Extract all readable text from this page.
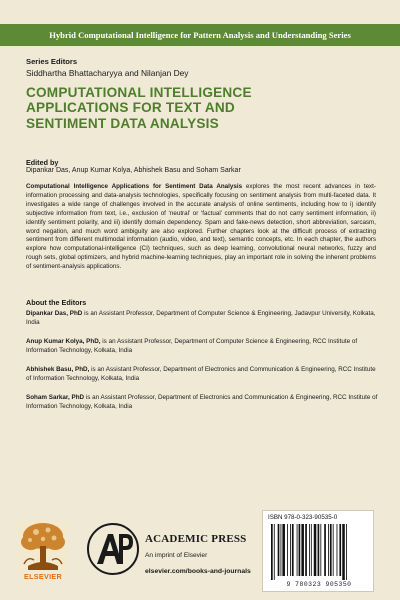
Hybrid Computational Intelligence for Pattern Analysis and Understanding Series
Series Editors
Siddhartha Bhattacharyya and Nilanjan Dey
COMPUTATIONAL INTELLIGENCE
APPLICATIONS FOR TEXT AND
SENTIMENT DATA ANALYSIS
Edited by
Dipankar Das, Anup Kumar Kolya, Abhishek Basu and Soham Sarkar

Computational Intelligence Applications for Sentiment Data Analysis explores the most recent advances in text-information processing and data-analysis technologies, specifically focusing on sentiment analysis from multi-faceted data. It investigates a wide range of challenges involved in the accurate analysis of online sentiments, including how to i) identify subjective information from text, i.e., exclusion of ‘neutral’ or ‘factual’ comments that do not carry sentiment information, ii) identify sentiment polarity, and iii) identify domain dependency. Spam and fake-news detection, short abbreviation, sarcasm, word negation, and much word ambiguity are also explored. Further chapters look at the difficult process of extracting sentiment from different multimodal information (audio, video, and text), semantic concepts, etc. In each chapter, the authors explore how computational-intelligence (CI) techniques, such as deep learning, convolutional neural networks, fuzzy and rough sets, global optimizers, and hybrid machine-learning techniques, play an important role in solving the inherent problems of sentiment-analysis applications.

About the Editors

Dipankar Das, PhD is an Assistant Professor, Department of Computer Science & Engineering, Jadavpur University, Kolkata, India

Anup Kumar Kolya, PhD, is an Assistant Professor, Department of Computer Science & Engineering, RCC Institute of Information Technology, Kolkata, India

Abhishek Basu, PhD, is an Assistant Professor, Department of Electronics and Communication & Engineering, RCC Institute of Information Technology, Kolkata, India

Soham Sarkar, PhD is an Assistant Professor, Department of Electronics and Communication & Engineering, RCC Institute of Information Technology, Kolkata, India

ELSEVIER
ACADEMIC PRESS
An imprint of Elsevier
elsevier.com/books-and-journals
ISBN 978-0-323-90535-0
9 780323 905350
